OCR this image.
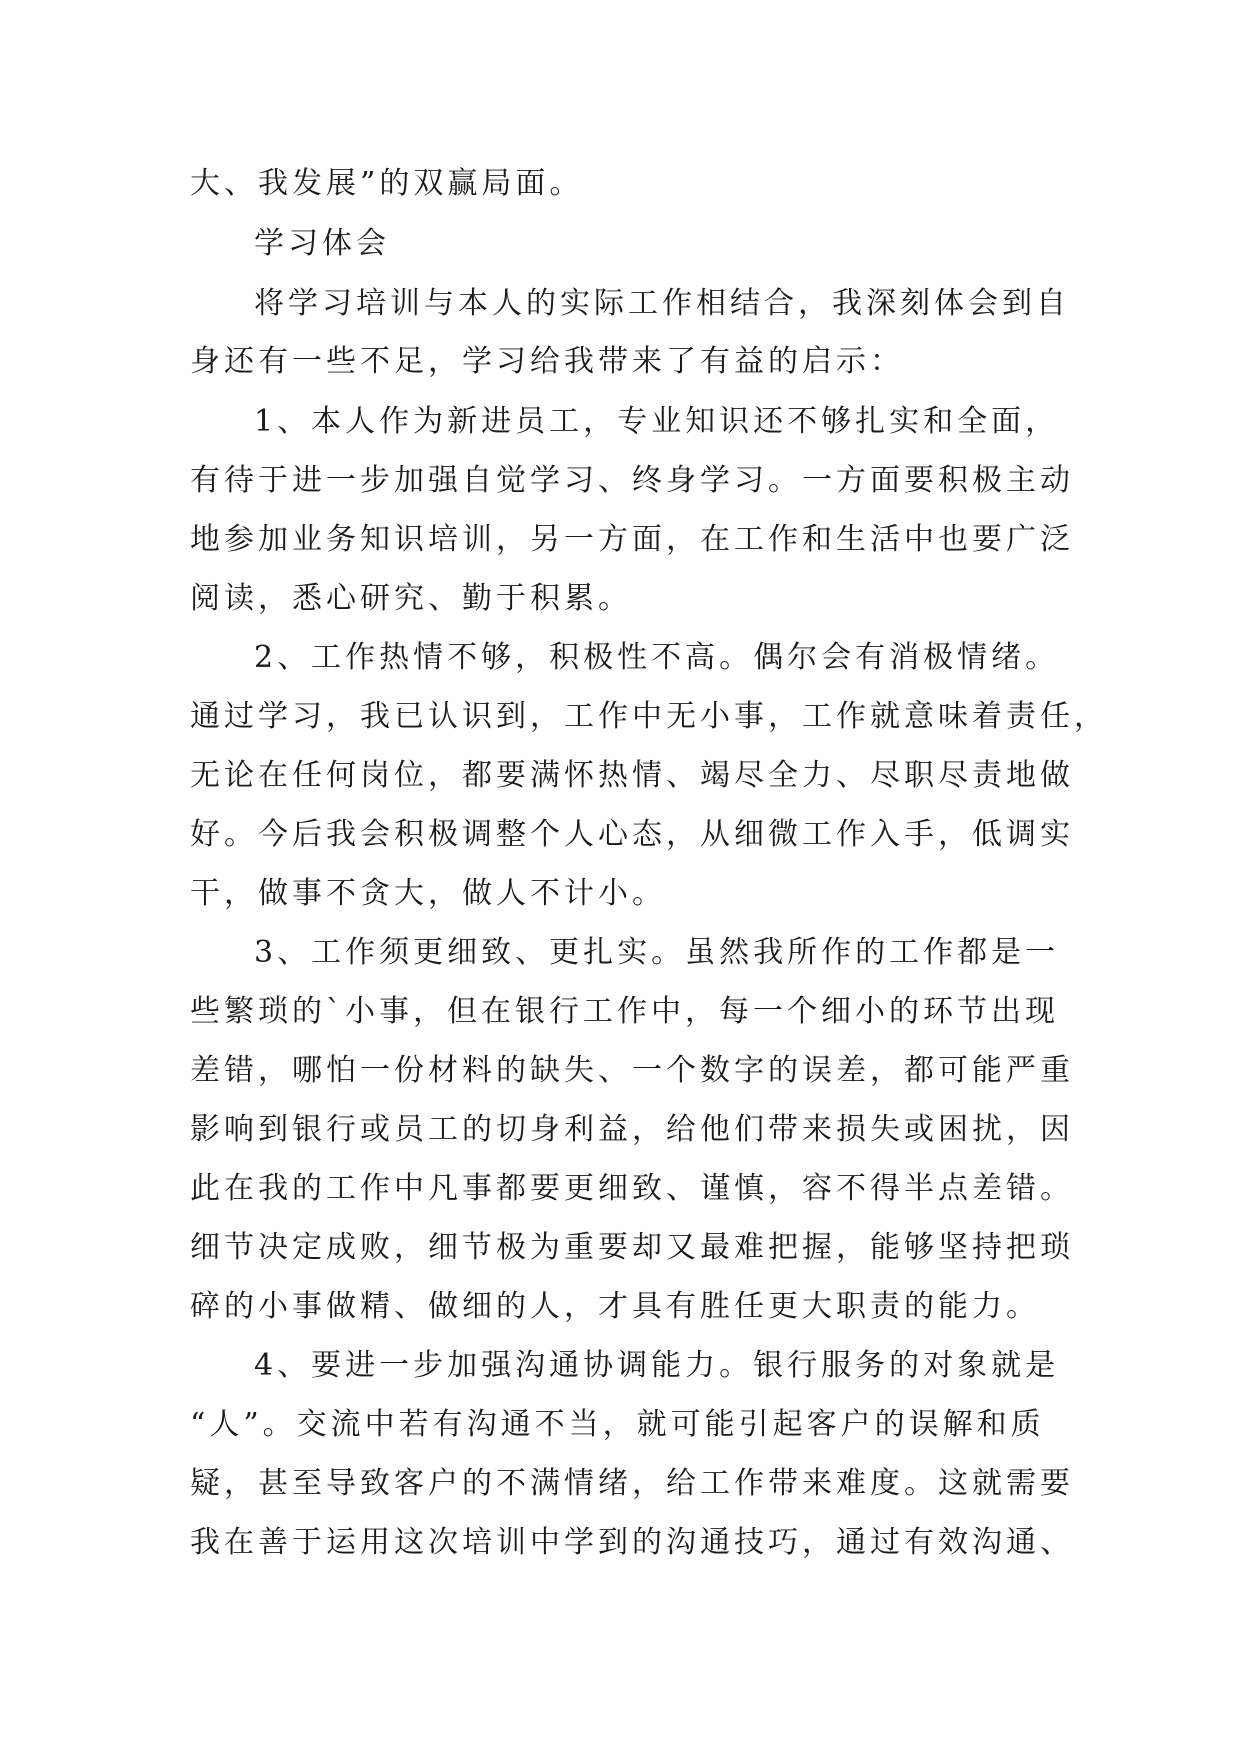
大、我发展”的双赢局面。
学习体会
将学习培训与本人的实际工作相结合，我深刻体会到自
身还有一些不足，学习给我带来了有益的启示：
1、本人作为新进员工，专业知识还不够扎实和全面，
有待于进一步加强自觉学习、终身学习。一方面要积极主动
地参加业务知识培训，另一方面，在工作和生活中也要广泛
阅读，悉心研究、勤于积累。
2、工作热情不够，积极性不高。偶尔会有消极情绪。
通过学习，我已认识到，工作中无小事，工作就意味着责任，
无论在任何岗位，都要满怀热情、竭尽全力、尽职尽责地做
好。今后我会积极调整个人心态，从细微工作入手，低调实
干，做事不贪大，做人不计小。
3、工作须更细致、更扎实。虽然我所作的工作都是一
些繁琐的`小事，但在银行工作中，每一个细小的环节出现
差错，哪怕一份材料的缺失、一个数字的误差，都可能严重
影响到银行或员工的切身利益，给他们带来损失或困扰，因
此在我的工作中凡事都要更细致、谨慎，容不得半点差错。
细节决定成败，细节极为重要却又最难把握，能够坚持把琐
碎的小事做精、做细的人，才具有胜任更大职责的能力。
4、要进一步加强沟通协调能力。银行服务的对象就是
“人”。交流中若有沟通不当，就可能引起客户的误解和质
疑，甚至导致客户的不满情绪，给工作带来难度。这就需要
我在善于运用这次培训中学到的沟通技巧，通过有效沟通、
